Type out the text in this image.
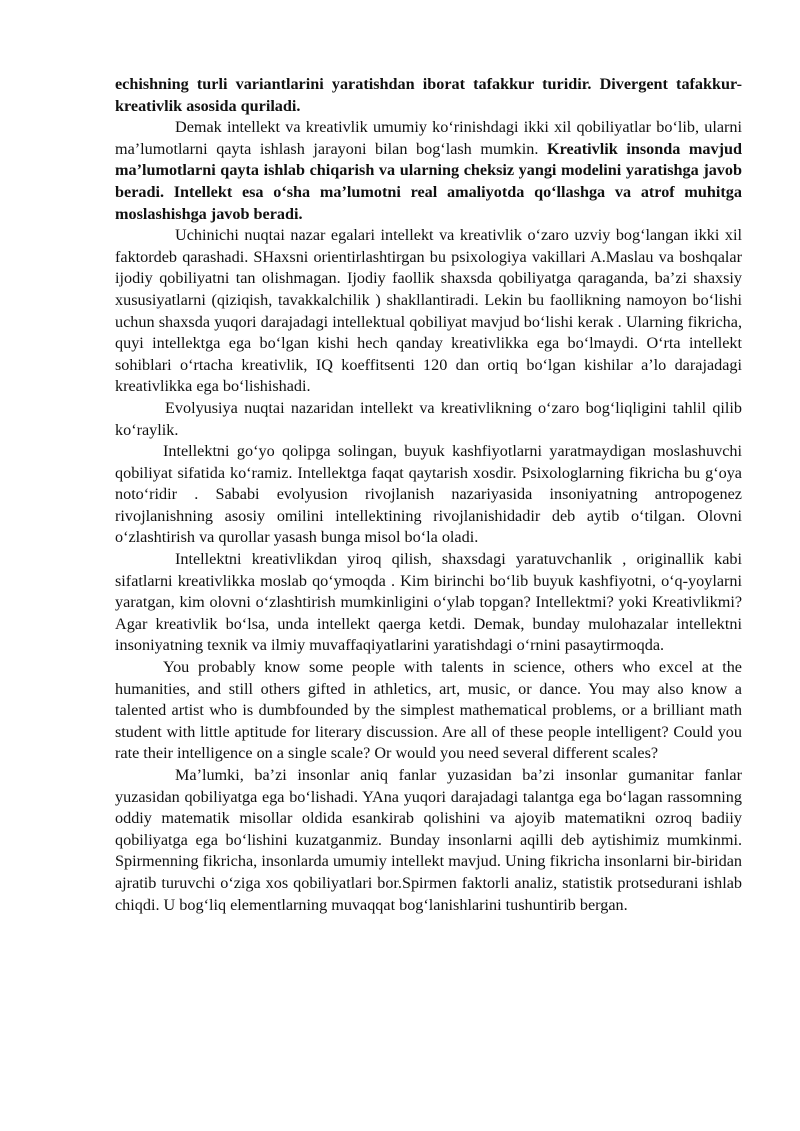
echishning turli variantlarini yaratishdan iborat tafakkur turidir. Divergent tafakkur- kreativlik asosida quriladi.

Demak intellekt va kreativlik umumiy ko‘rinishdagi ikki xil qobiliyatlar bo‘lib, ularni ma’lumotlarni qayta ishlash jarayoni bilan bog‘lash mumkin. Kreativlik insonda mavjud ma’lumotlarni qayta ishlab chiqarish va ularning cheksiz yangi modelini yaratishga javob beradi. Intellekt esa o‘sha ma’lumotni real amaliyotda qo‘llashga va atrof muhitga moslashishga javob beradi.

Uchinichi nuqtai nazar egalari intellekt va kreativlik o‘zaro uzviy bog‘langan ikki xil faktordeb qarashadi. SHaxsni orientirlashtirgan bu psixologiya vakillari A.Maslau va boshqalar ijodiy qobiliyatni tan olishmagan. Ijodiy faollik shaxsda qobiliyatga qaraganda, ba’zi shaxsiy xususiyatlarni (qiziqish, tavakkalchilik ) shakllantiradi. Lekin bu faollikning namoyon bo‘lishi uchun shaxsda yuqori darajadagi intellektual qobiliyat mavjud bo‘lishi kerak . Ularning fikricha, quyi intellektga ega bo‘lgan kishi hech qanday kreativlikka ega bo‘lmaydi. O‘rta intellekt sohiblari o‘rtacha kreativlik, IQ koeffitsenti 120 dan ortiq bo‘lgan kishilar a’lo darajadagi kreativlikka ega bo‘lishishadi.

Evolyusiya nuqtai nazaridan intellekt va kreativlikning o‘zaro bog‘liqligini tahlil qilib ko‘raylik.

Intellektni go‘yo qolipga solingan, buyuk kashfiyotlarni yaratmaydigan moslashuvchi qobiliyat sifatida ko‘ramiz. Intellektga faqat qaytarish xosdir. Psixologlarning fikricha bu g‘oya noto‘ridir . Sababi evolyusion rivojlanish nazariyasida insoniyatning antropogenez rivojlanishning asosiy omilini intellektining rivojlanishidadir deb aytib o‘tilgan. Olovni o‘zlashtirish va qurollar yasash bunga misol bo‘la oladi.

Intellektni kreativlikdan yiroq qilish, shaxsdagi yaratuvchanlik , originallik kabi sifatlarni kreativlikka moslab qo‘ymoqda . Kim birinchi bo‘lib buyuk kashfiyotni, o‘q-yoylarni yaratgan, kim olovni o‘zlashtirish mumkinligini o‘ylab topgan? Intellektmi? yoki Kreativlikmi? Agar kreativlik bo‘lsa, unda intellekt qaerga ketdi. Demak, bunday mulohazalar intellektni insoniyatning texnik va ilmiy muvaffaqiyatlarini yaratishdagi o‘rnini pasaytirmoqda.

You probably know some people with talents in science, others who excel at the humanities, and still others gifted in athletics, art, music, or dance. You may also know a talented artist who is dumbfounded by the simplest mathematical problems, or a brilliant math student with little aptitude for literary discussion. Are all of these people intelligent? Could you rate their intelligence on a single scale? Or would you need several different scales?

Ma’lumki, ba’zi insonlar aniq fanlar yuzasidan ba’zi insonlar gumanitar fanlar yuzasidan qobiliyatga ega bo‘lishadi. YAna yuqori darajadagi talantga ega bo‘lagan rassomning oddiy matematik misollar oldida esankirab qolishini va ajoyib matematikni ozroq badiiy qobiliyatga ega bo‘lishini kuzatganmiz. Bunday insonlarni aqilli deb aytishimiz mumkinmi. Spirmenning fikricha, insonlarda umumiy intellekt mavjud. Uning fikricha insonlarni bir-biridan ajratib turuvchi o‘ziga xos qobiliyatlari bor.Spirmen faktorli analiz, statistik protsedurani ishlab chiqdi. U bog‘liq elementlarning muvaqqat bog‘lanishlarini tushuntirib bergan.
